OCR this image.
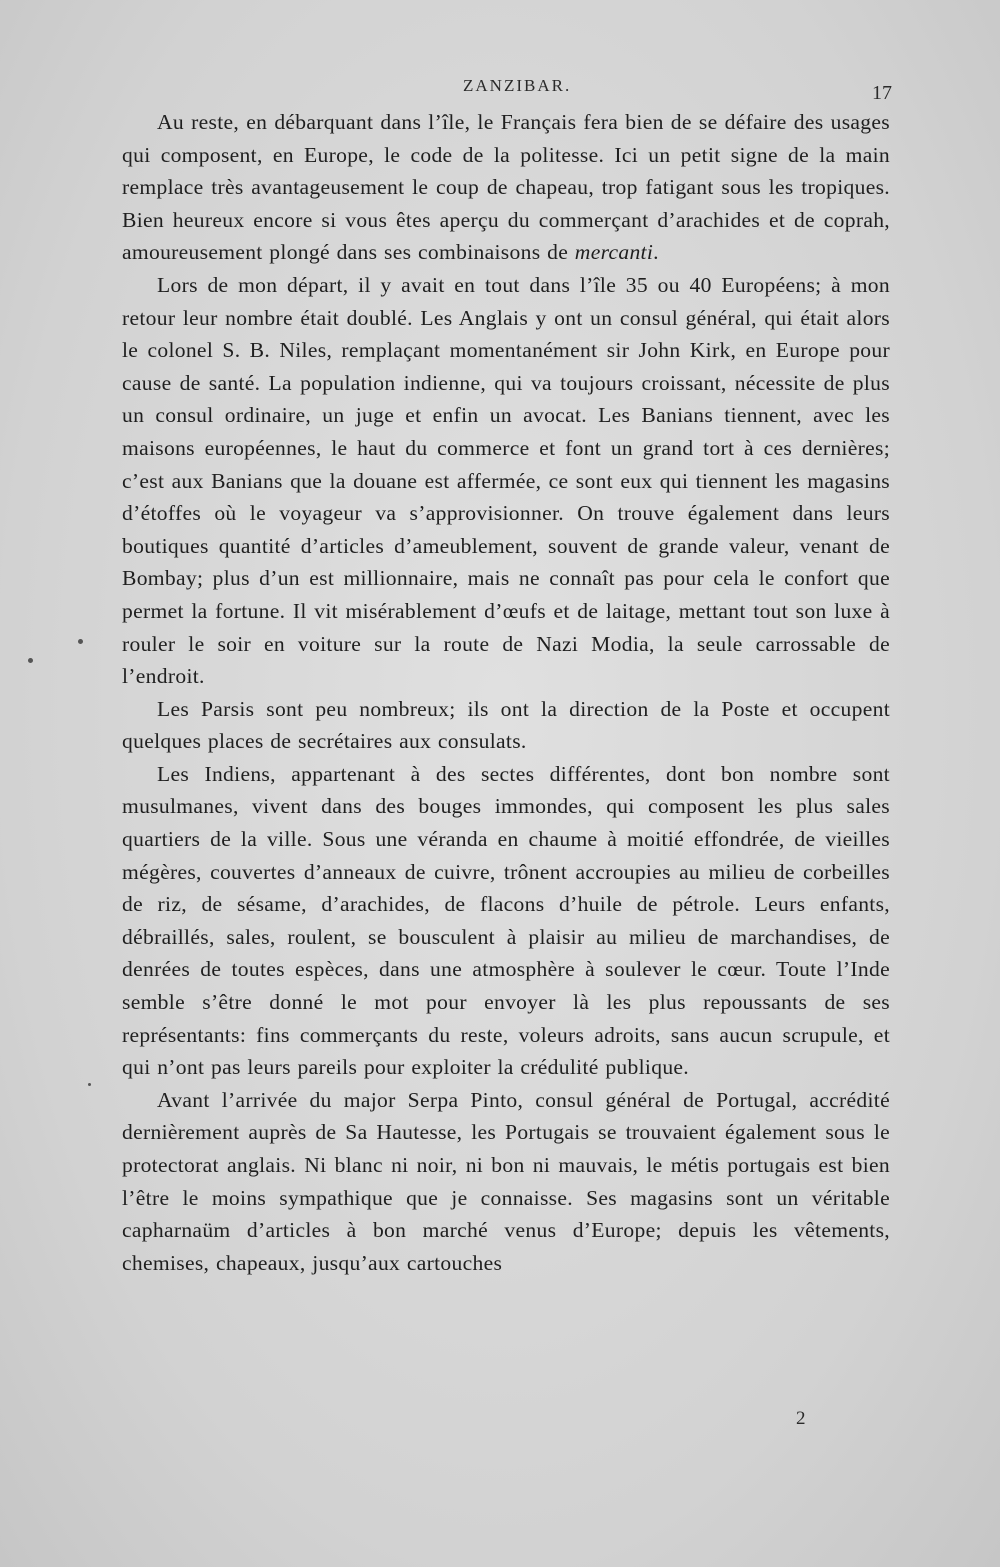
ZANZIBAR.	17

Au reste, en débarquant dans l’île, le Français fera bien de se défaire des usages qui composent, en Europe, le code de la politesse. Ici un petit signe de la main remplace très avantageusement le coup de chapeau, trop fatigant sous les tropiques. Bien heureux encore si vous êtes aperçu du commerçant d’arachides et de coprah, amoureusement plongé dans ses combinaisons de mercanti.

Lors de mon départ, il y avait en tout dans l’île 35 ou 40 Européens; à mon retour leur nombre était doublé. Les Anglais y ont un consul général, qui était alors le colonel S. B. Niles, remplaçant momentanément sir John Kirk, en Europe pour cause de santé. La population indienne, qui va toujours croissant, nécessite de plus un consul ordinaire, un juge et enfin un avocat. Les Banians tiennent, avec les maisons européennes, le haut du commerce et font un grand tort à ces dernières; c’est aux Banians que la douane est affermée, ce sont eux qui tiennent les magasins d’étoffes où le voyageur va s’approvisionner. On trouve également dans leurs boutiques quantité d’articles d’ameublement, souvent de grande valeur, venant de Bombay; plus d’un est millionnaire, mais ne connaît pas pour cela le confort que permet la fortune. Il vit misérablement d’œufs et de laitage, mettant tout son luxe à rouler le soir en voiture sur la route de Nazi Modia, la seule carrossable de l’endroit.

Les Parsis sont peu nombreux; ils ont la direction de la Poste et occupent quelques places de secrétaires aux consulats.

Les Indiens, appartenant à des sectes différentes, dont bon nombre sont musulmanes, vivent dans des bouges immondes, qui composent les plus sales quartiers de la ville. Sous une véranda en chaume à moitié effondrée, de vieilles mégères, couvertes d’anneaux de cuivre, trônent accroupies au milieu de corbeilles de riz, de sésame, d’arachides, de flacons d’huile de pétrole. Leurs enfants, débraillés, sales, roulent, se bousculent à plaisir au milieu de marchandises, de denrées de toutes espèces, dans une atmosphère à soulever le cœur. Toute l’Inde semble s’être donné le mot pour envoyer là les plus repoussants de ses représentants: fins commerçants du reste, voleurs adroits, sans aucun scrupule, et qui n’ont pas leurs pareils pour exploiter la crédulité publique.

Avant l’arrivée du major Serpa Pinto, consul général de Portugal, accrédité dernièrement auprès de Sa Hautesse, les Portugais se trouvaient également sous le protectorat anglais. Ni blanc ni noir, ni bon ni mauvais, le métis portugais est bien l’être le moins sympathique que je connaisse. Ses magasins sont un véritable capharnaüm d’articles à bon marché venus d’Europe; depuis les vêtements, chemises, chapeaux, jusqu’aux cartouches

2
